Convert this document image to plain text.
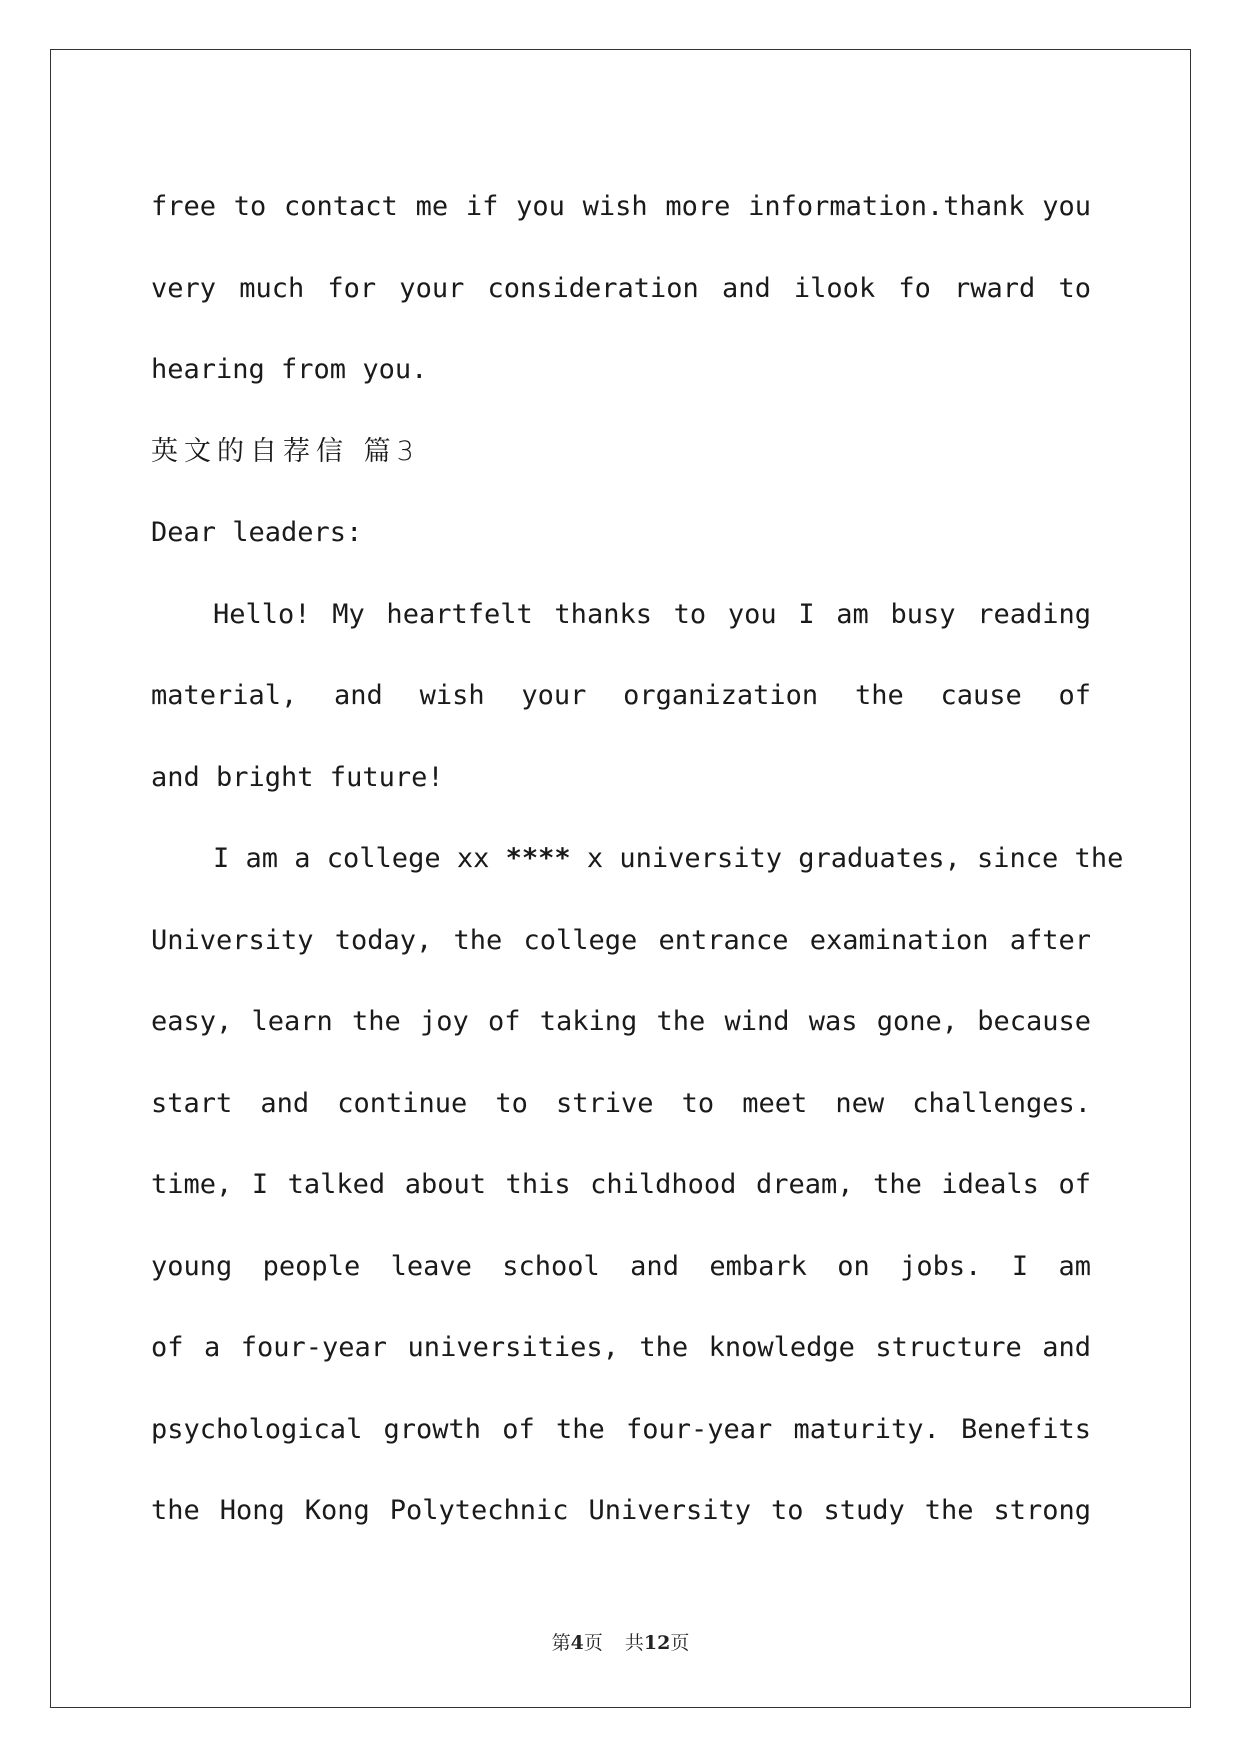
free to contact me if you wish more information.thank you
very much for your consideration and ilook fo rward to
hearing from you.
英文的自荐信 篇3
Dear leaders:
Hello! My heartfelt thanks to you I am busy reading
material, and wish your organization the cause of
and bright future!
I am a college xx **** x university graduates, since the
University today, the college entrance examination after
easy, learn the joy of taking the wind was gone, because
start and continue to strive to meet new challenges.
time, I talked about this childhood dream, the ideals of
young people leave school and embark on jobs. I am
of a four-year universities, the knowledge structure and
psychological growth of the four-year maturity. Benefits
the Hong Kong Polytechnic University to study the strong
第4页 共12页
